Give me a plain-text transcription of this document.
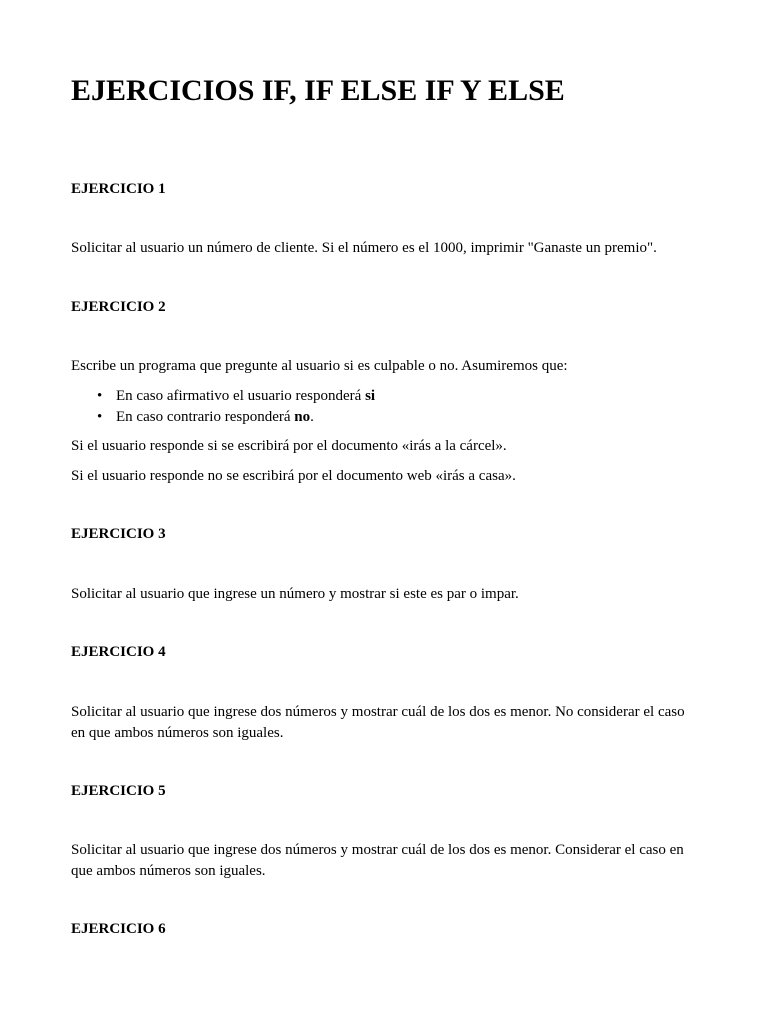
EJERCICIOS IF, IF ELSE IF Y ELSE
EJERCICIO 1

Solicitar al usuario un número de cliente. Si el número es el 1000, imprimir "Ganaste un premio".

EJERCICIO 2

Escribe un programa que pregunte al usuario si es culpable o no. Asumiremos que:

• En caso afirmativo el usuario responderá si
• En caso contrario responderá no.

Si el usuario responde si se escribirá por el documento «irás a la cárcel».

Si el usuario responde no se escribirá por el documento web «irás a casa».

EJERCICIO 3

Solicitar al usuario que ingrese un número y mostrar si este es par o impar.

EJERCICIO 4

Solicitar al usuario que ingrese dos números y mostrar cuál de los dos es menor. No considerar el caso en que ambos números son iguales.

EJERCICIO 5

Solicitar al usuario que ingrese dos números y mostrar cuál de los dos es menor. Considerar el caso en que ambos números son iguales.

EJERCICIO 6
